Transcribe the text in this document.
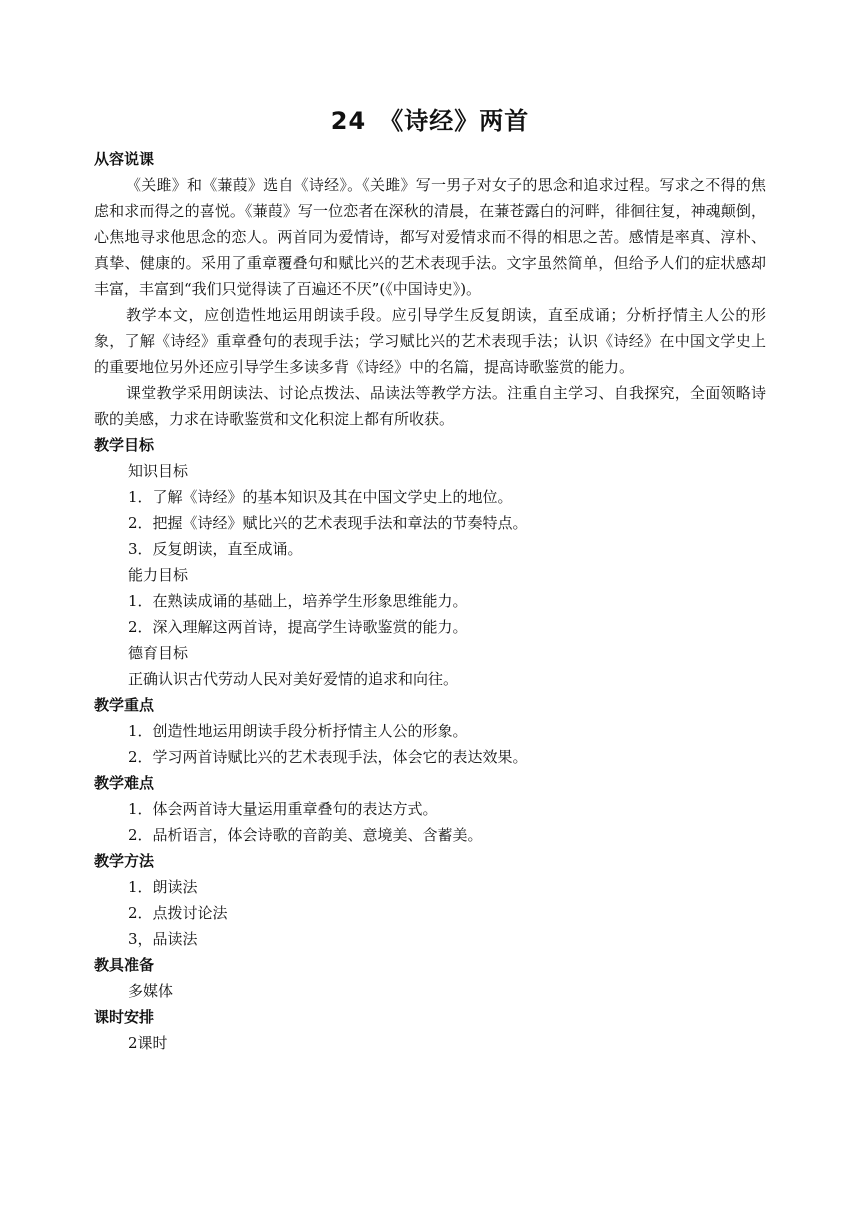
24　《诗经》两首
从容说课

《关雎》和《蒹葭》选自《诗经》。《关雎》写一男子对女子的思念和追求过程。写求之不得的焦虑和求而得之的喜悦。《蒹葭》写一位恋者在深秋的清晨，在蒹苍露白的河畔，徘徊往复，神魂颠倒，心焦地寻求他思念的恋人。两首同为爱情诗，都写对爱情求而不得的相思之苦。感情是率真、淳朴、真挚、健康的。采用了重章覆叠句和赋比兴的艺术表现手法。文字虽然简单，但给予人们的症状感却丰富，丰富到“我们只觉得读了百遍还不厌”(《中国诗史》)。

教学本文，应创造性地运用朗读手段。应引导学生反复朗读，直至成诵；分析抒情主人公的形象，了解《诗经》重章叠句的表现手法；学习赋比兴的艺术表现手法；认识《诗经》在中国文学史上的重要地位另外还应引导学生多读多背《诗经》中的名篇，提高诗歌鉴赏的能力。

课堂教学采用朗读法、讨论点拨法、品读法等教学方法。注重自主学习、自我探究，全面领略诗歌的美感，力求在诗歌鉴赏和文化积淀上都有所收获。

教学目标
知识目标
1．了解《诗经》的基本知识及其在中国文学史上的地位。
2．把握《诗经》赋比兴的艺术表现手法和章法的节奏特点。
3．反复朗读，直至成诵。
能力目标
1．在熟读成诵的基础上，培养学生形象思维能力。
2．深入理解这两首诗，提高学生诗歌鉴赏的能力。
德育目标
正确认识古代劳动人民对美好爱情的追求和向往。
教学重点
1．创造性地运用朗读手段分析抒情主人公的形象。
2．学习两首诗赋比兴的艺术表现手法，体会它的表达效果。
教学难点
1．体会两首诗大量运用重章叠句的表达方式。
2．品析语言，体会诗歌的音韵美、意境美、含蓄美。
教学方法
1．朗读法
2．点拨讨论法
3，品读法
教具准备
多媒体
课时安排
2课时
